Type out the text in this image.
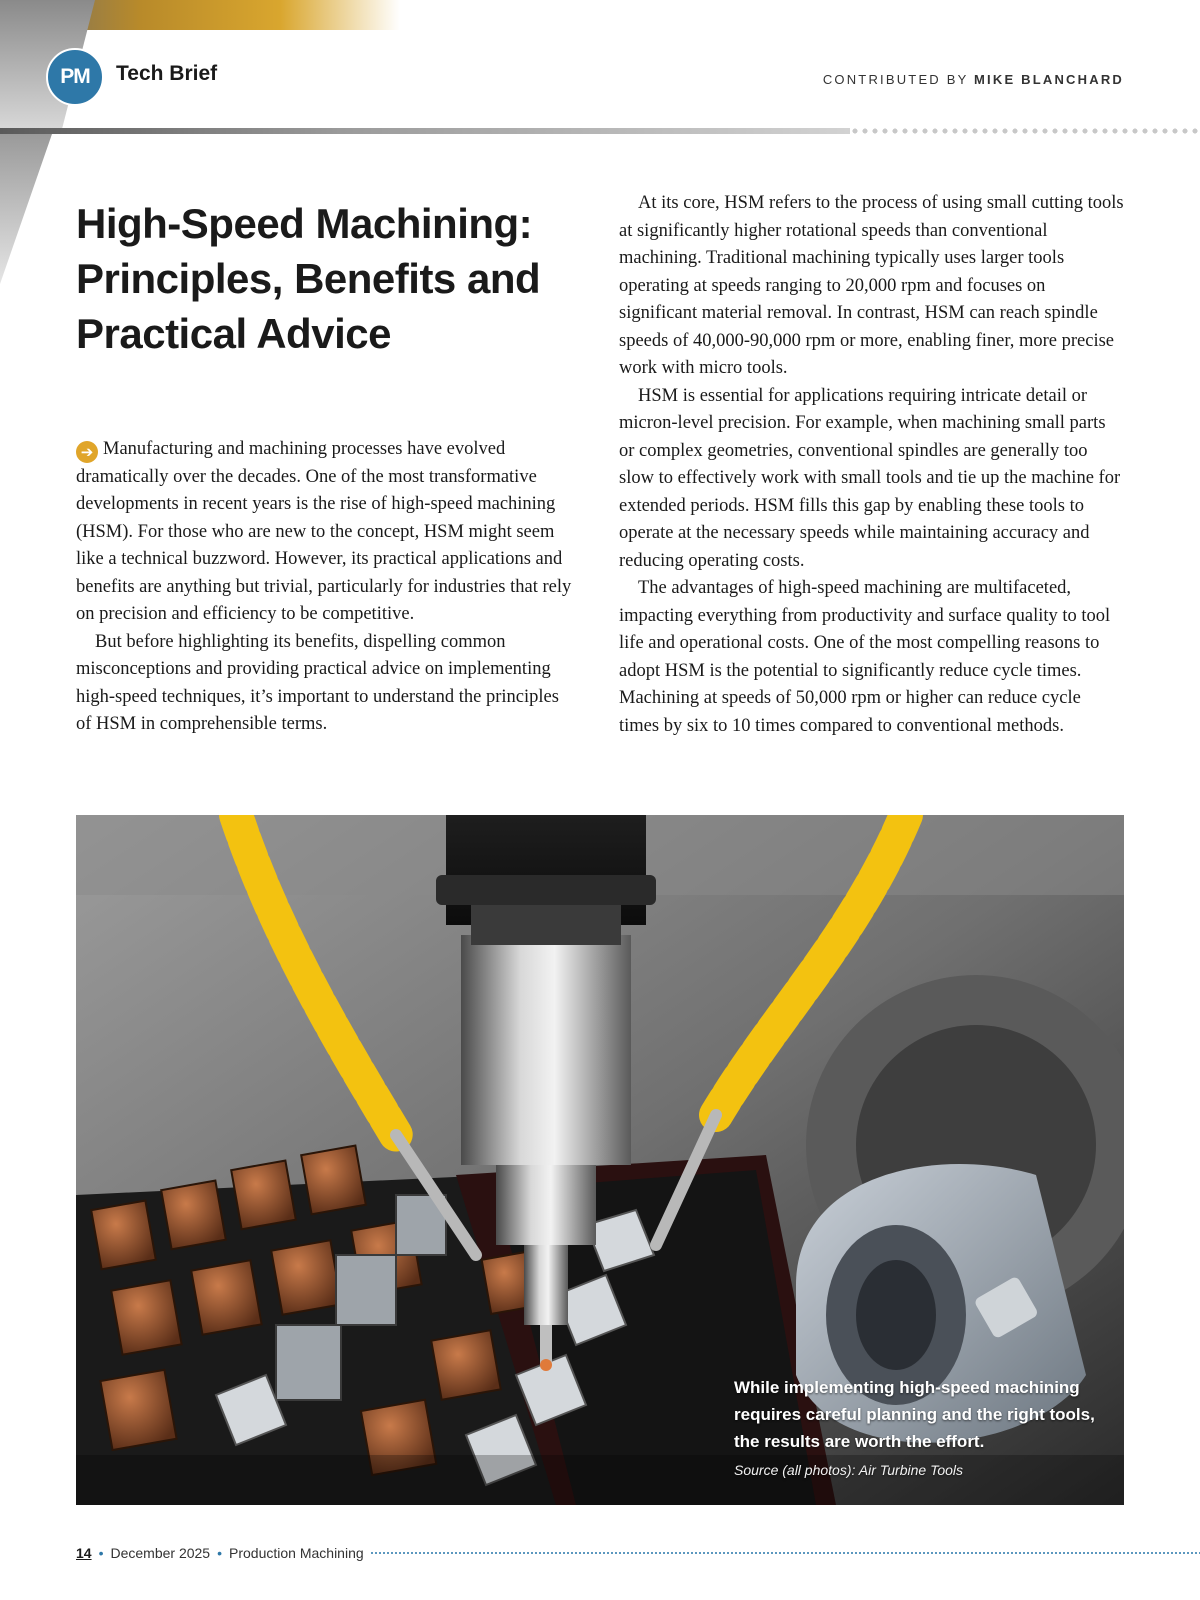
PM	Tech Brief	CONTRIBUTED BY MIKE BLANCHARD
High-Speed Machining: Principles, Benefits and Practical Advice

➔ Manufacturing and machining processes have evolved dramatically over the decades. One of the most transformative developments in recent years is the rise of high-speed machining (HSM). For those who are new to the concept, HSM might seem like a technical buzzword. However, its practical applications and benefits are anything but trivial, particularly for industries that rely on precision and efficiency to be competitive.

But before highlighting its benefits, dispelling common misconceptions and providing practical advice on implementing high-speed techniques, it’s important to understand the principles of HSM in comprehensible terms.

At its core, HSM refers to the process of using small cutting tools at significantly higher rotational speeds than conventional machining. Traditional machining typically uses larger tools operating at speeds ranging to 20,000 rpm and focuses on significant material removal. In contrast, HSM can reach spindle speeds of 40,000-90,000 rpm or more, enabling finer, more precise work with micro tools.

HSM is essential for applications requiring intricate detail or micron-level precision. For example, when machining small parts or complex geometries, conventional spindles are generally too slow to effectively work with small tools and tie up the machine for extended periods. HSM fills this gap by enabling these tools to operate at the necessary speeds while maintaining accuracy and reducing operating costs.

The advantages of high-speed machining are multifaceted, impacting everything from productivity and surface quality to tool life and operational costs. One of the most compelling reasons to adopt HSM is the potential to significantly reduce cycle times. Machining at speeds of 50,000 rpm or higher can reduce cycle times by six to 10 times compared to conventional methods.

While implementing high-speed machining requires careful planning and the right tools, the results are worth the effort.
Source (all photos): Air Turbine Tools
14 • December 2025 • Production Machining
